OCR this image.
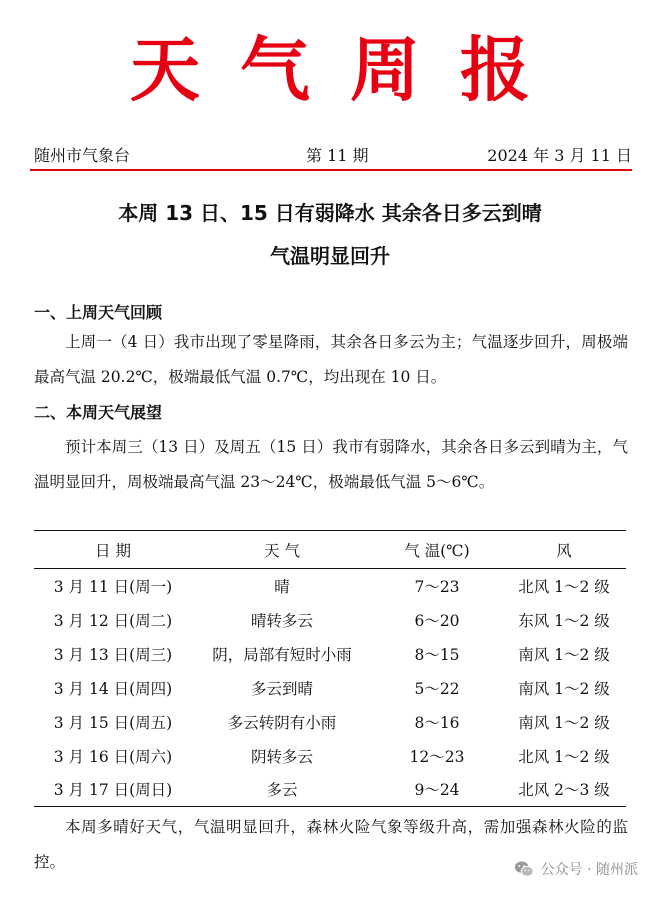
天气周报
随州市气象台	第 11 期	2024 年 3 月 11 日
本周 13 日、15 日有弱降水 其余各日多云到晴
气温明显回升
一、上周天气回顾
上周一（4 日）我市出现了零星降雨，其余各日多云为主；气温逐步回升，周极端最高气温 20.2℃，极端最低气温 0.7℃，均出现在 10 日。
二、本周天气展望
预计本周三（13 日）及周五（15 日）我市有弱降水，其余各日多云到晴为主，气温明显回升，周极端最高气温 23～24℃，极端最低气温 5～6℃。
日 期	天 气	气 温(℃)	风
3 月 11 日(周一)	晴	7～23	北风 1～2 级
3 月 12 日(周二)	晴转多云	6～20	东风 1～2 级
3 月 13 日(周三)	阴，局部有短时小雨	8～15	南风 1～2 级
3 月 14 日(周四)	多云到晴	5～22	南风 1～2 级
3 月 15 日(周五)	多云转阴有小雨	8～16	南风 1～2 级
3 月 16 日(周六)	阴转多云	12～23	北风 1～2 级
3 月 17 日(周日)	多云	9～24	北风 2～3 级
本周多晴好天气，气温明显回升，森林火险气象等级升高，需加强森林火险的监控。	公众号 · 随州派
